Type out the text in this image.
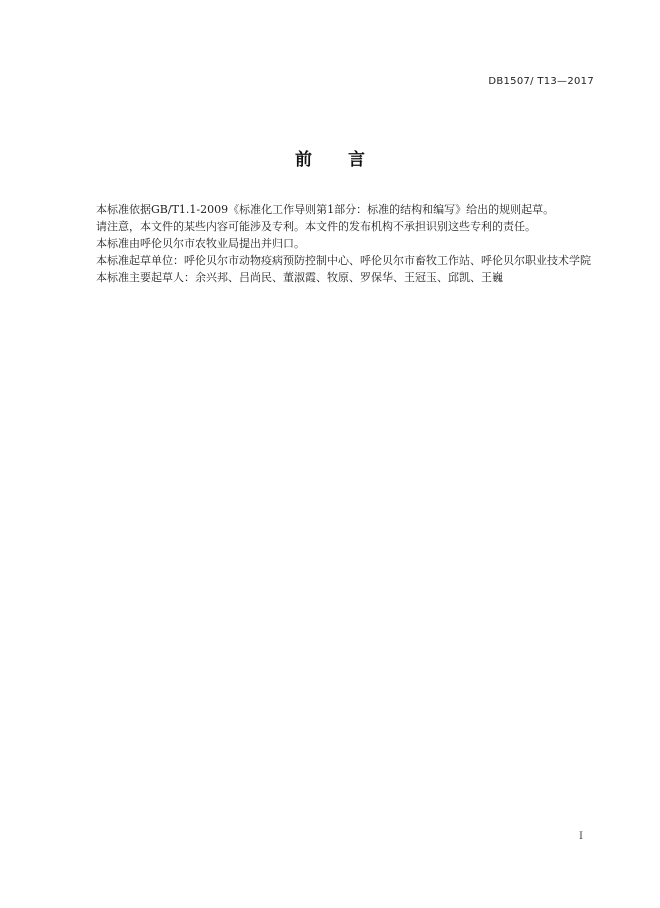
DB1507/ T13—2017
前 言

本标准依据GB/T1.1-2009《标准化工作导则第1部分：标准的结构和编写》给出的规则起草。

请注意，本文件的某些内容可能涉及专利。本文件的发布机构不承担识别这些专利的责任。

本标准由呼伦贝尔市农牧业局提出并归口。

本标准起草单位：呼伦贝尔市动物疫病预防控制中心、呼伦贝尔市畜牧工作站、呼伦贝尔职业技术学院

本标准主要起草人：余兴邦、吕尚民、董淑霞、牧原、罗保华、王冠玉、邱凯、王巍

I
